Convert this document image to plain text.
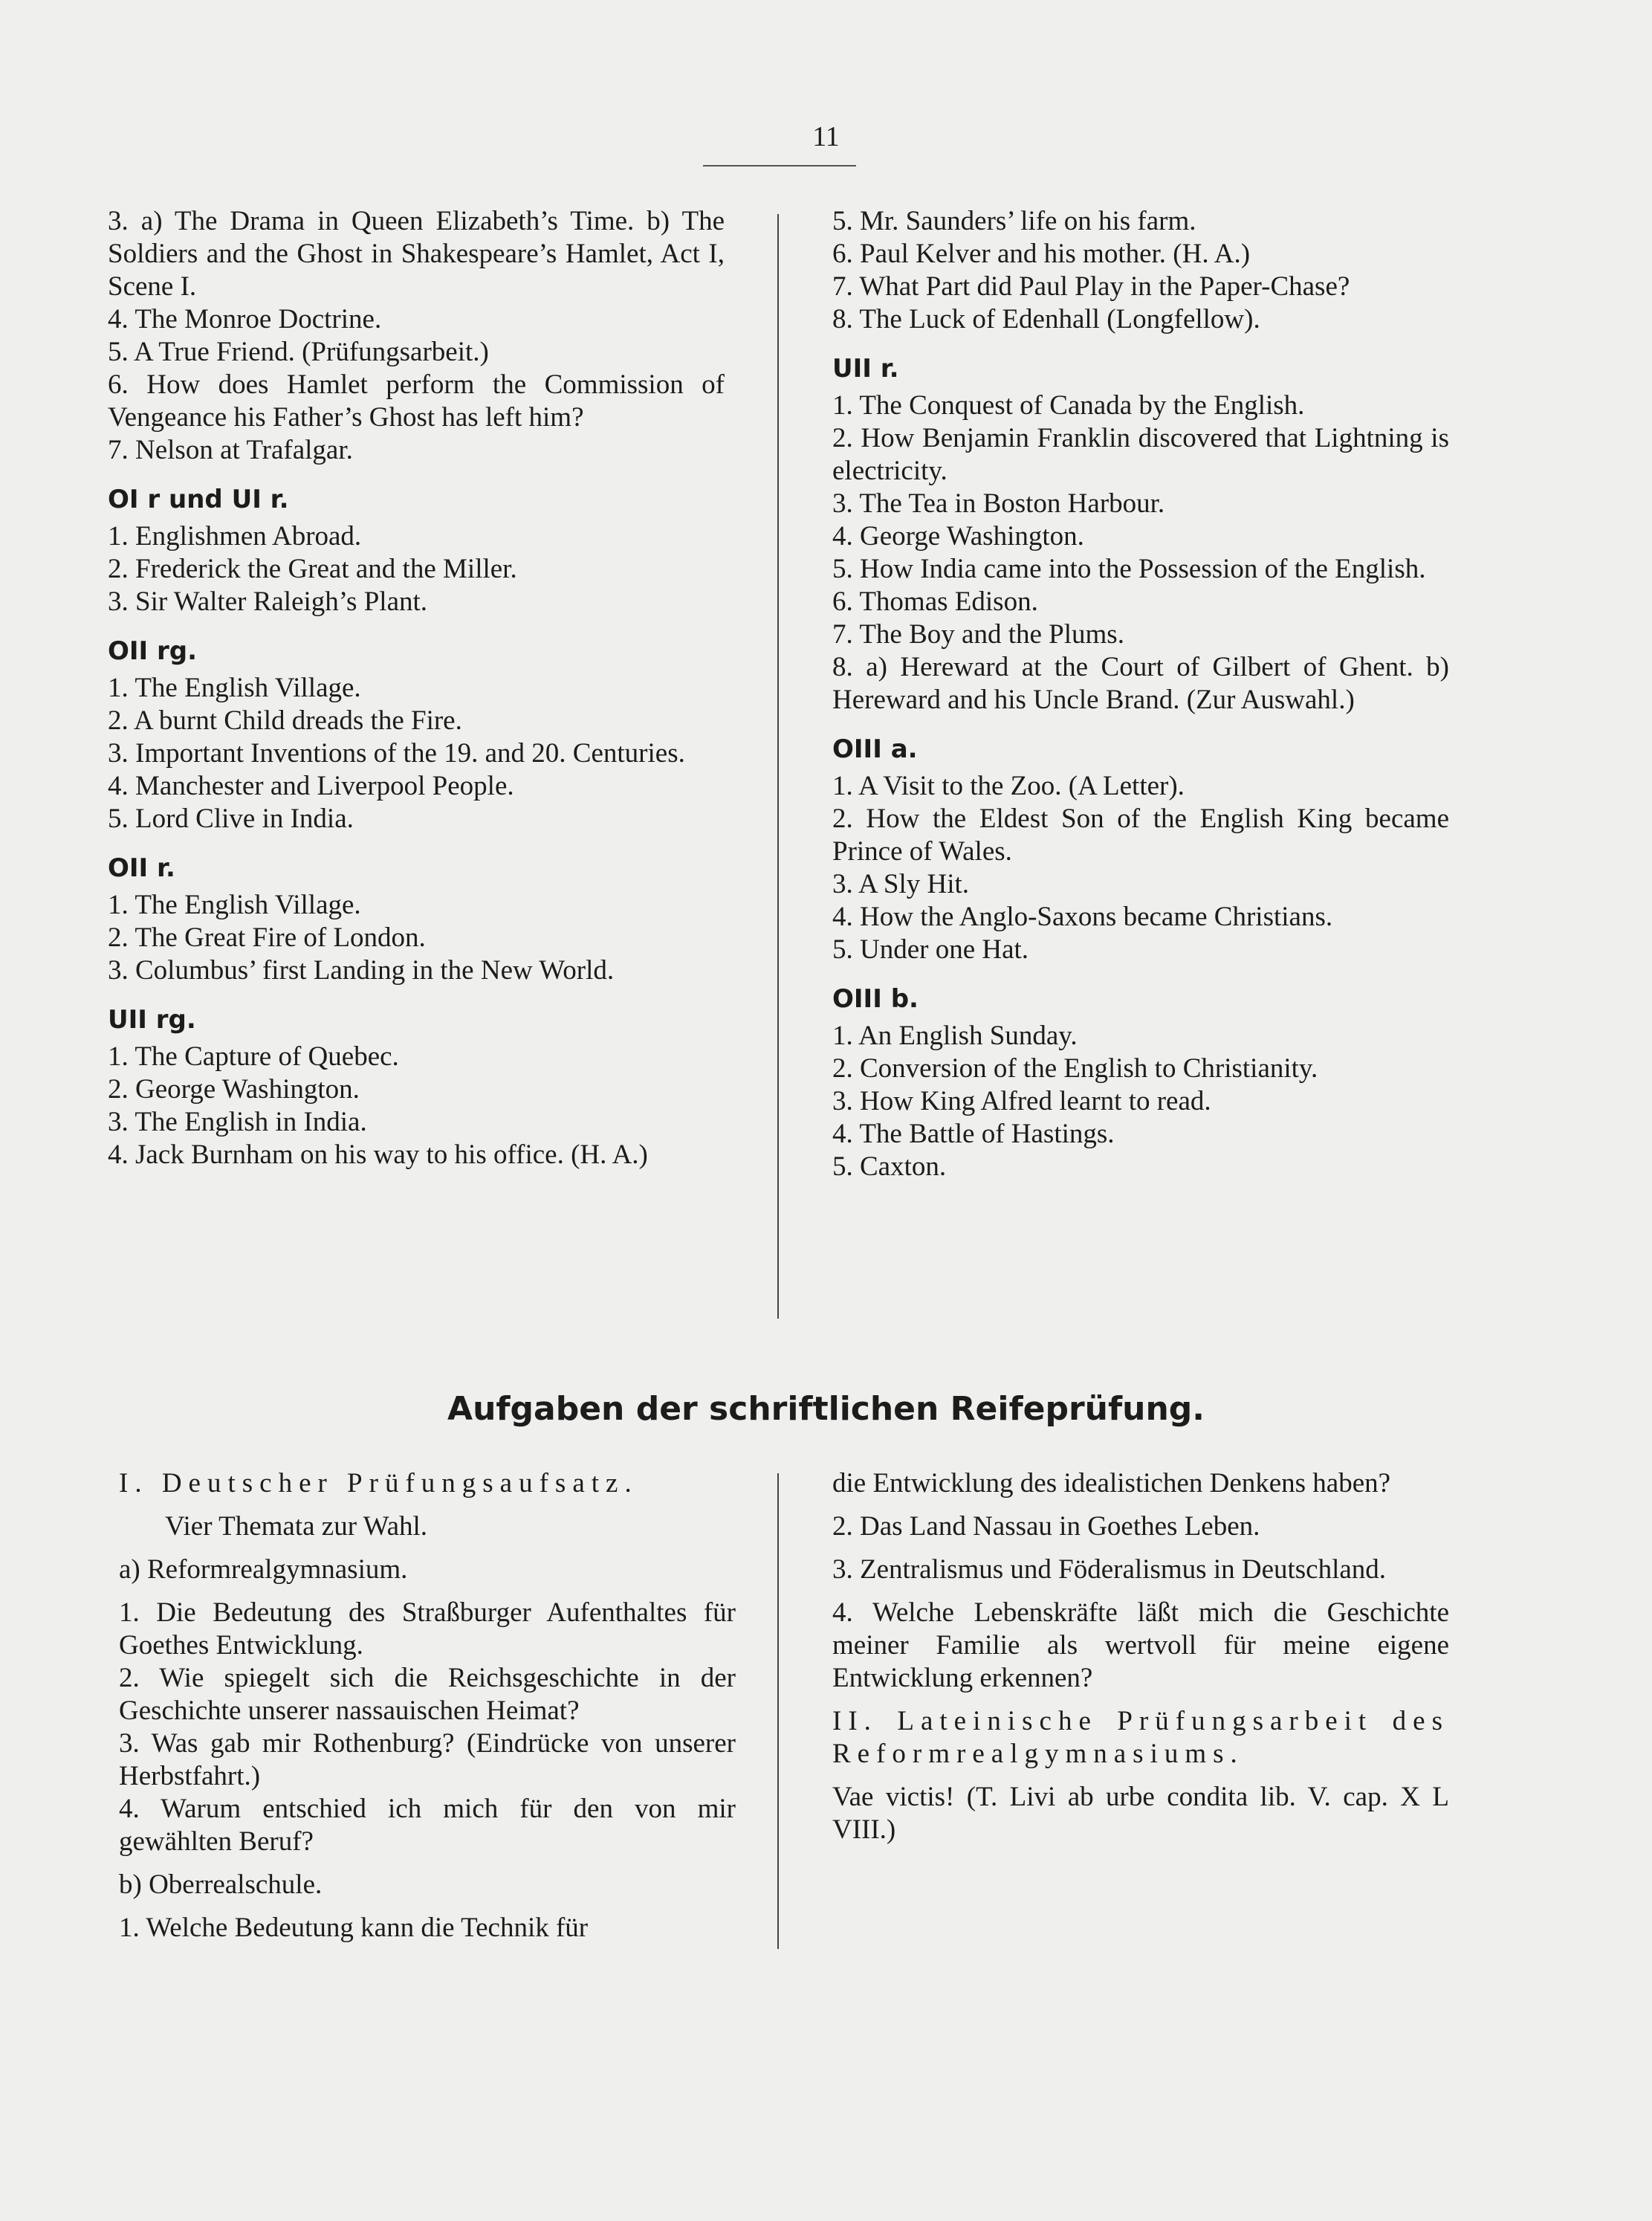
11

3. a) The Drama in Queen Elizabeth’s Time. b) The Soldiers and the Ghost in Shakespeare’s Hamlet, Act I, Scene I.

4. The Monroe Doctrine.

5. A True Friend. (Prüfungsarbeit.)

6. How does Hamlet perform the Commission of Vengeance his Father’s Ghost has left him?

7. Nelson at Trafalgar.

OI r und UI r.

1. Englishmen Abroad.

2. Frederick the Great and the Miller.

3. Sir Walter Raleigh’s Plant.

OII rg.

1. The English Village.

2. A burnt Child dreads the Fire.

3. Important Inventions of the 19. and 20. Centuries.

4. Manchester and Liverpool People.

5. Lord Clive in India.

OII r.

1. The English Village.

2. The Great Fire of London.

3. Columbus’ first Landing in the New World.

UII rg.

1. The Capture of Quebec.

2. George Washington.

3. The English in India.

4. Jack Burnham on his way to his office. (H. A.)

5. Mr. Saunders’ life on his farm.

6. Paul Kelver and his mother. (H. A.)

7. What Part did Paul Play in the Paper-Chase?

8. The Luck of Edenhall (Longfellow).

UII r.

1. The Conquest of Canada by the English.

2. How Benjamin Franklin discovered that Lightning is electricity.

3. The Tea in Boston Harbour.

4. George Washington.

5. How India came into the Possession of the English.

6. Thomas Edison.

7. The Boy and the Plums.

8. a) Hereward at the Court of Gilbert of Ghent. b) Hereward and his Uncle Brand. (Zur Auswahl.)

OIII a.

1. A Visit to the Zoo. (A Letter).

2. How the Eldest Son of the English King became Prince of Wales.

3. A Sly Hit.

4. How the Anglo-Saxons became Christians.

5. Under one Hat.

OIII b.

1. An English Sunday.

2. Conversion of the English to Christianity.

3. How King Alfred learnt to read.

4. The Battle of Hastings.

5. Caxton.

Aufgaben der schriftlichen Reifeprüfung.

I. Deutscher Prüfungsaufsatz.

Vier Themata zur Wahl.

a) Reformrealgymnasium.

1. Die Bedeutung des Straßburger Aufenthaltes für Goethes Entwicklung.

2. Wie spiegelt sich die Reichsgeschichte in der Geschichte unserer nassauischen Heimat?

3. Was gab mir Rothenburg? (Eindrücke von unserer Herbstfahrt.)

4. Warum entschied ich mich für den von mir gewählten Beruf?

b) Oberrealschule.

1. Welche Bedeutung kann die Technik für

die Entwicklung des idealistichen Denkens haben?

2. Das Land Nassau in Goethes Leben.

3. Zentralismus und Föderalismus in Deutschland.

4. Welche Lebenskräfte läßt mich die Geschichte meiner Familie als wertvoll für meine eigene Entwicklung erkennen?

II. Lateinische Prüfungsarbeit des Reformrealgymnasiums.

Vae victis! (T. Livi ab urbe condita lib. V. cap. X L VIII.)
